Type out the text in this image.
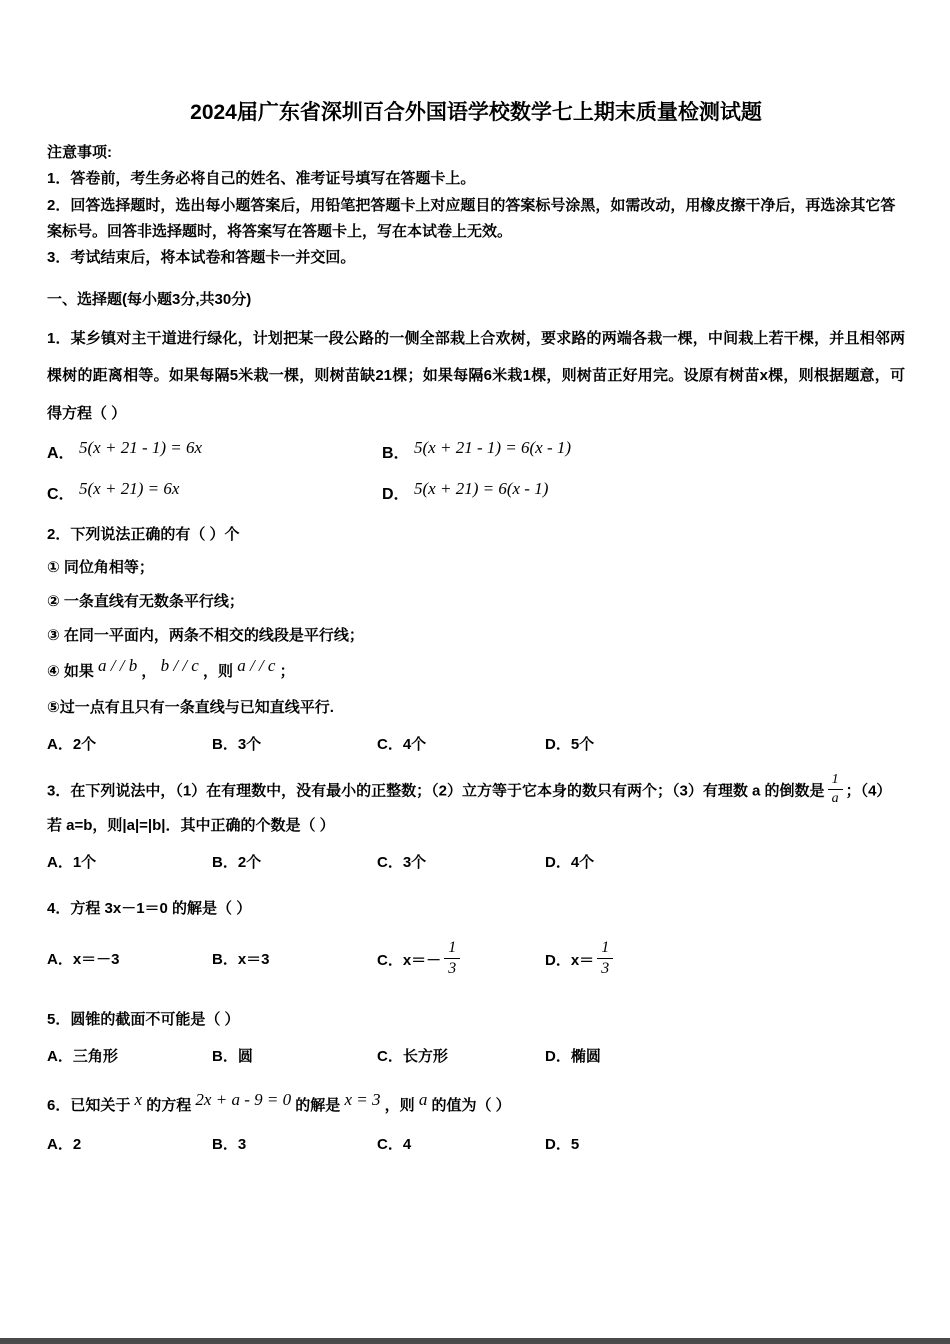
2024届广东省深圳百合外国语学校数学七上期末质量检测试题
注意事项:
1．答卷前，考生务必将自己的姓名、准考证号填写在答题卡上。
2．回答选择题时，选出每小题答案后，用铅笔把答题卡上对应题目的答案标号涂黑，如需改动，用橡皮擦干净后，再选涂其它答案标号。回答非选择题时，将答案写在答题卡上，写在本试卷上无效。
3．考试结束后，将本试卷和答题卡一并交回。
一、选择题(每小题3分,共30分)
1．某乡镇对主干道进行绿化，计划把某一段公路的一侧全部栽上合欢树，要求路的两端各栽一棵，中间栽上若干棵，并且相邻两棵树的距离相等。如果每隔5米栽一棵，则树苗缺21棵；如果每隔6米栽1棵，则树苗正好用完。设原有树苗x棵，则根据题意，可得方程（ ）
A． 5(x + 21 - 1) = 6x	B． 5(x + 21 - 1) = 6(x - 1)
C． 5(x + 21) = 6x	D． 5(x + 21) = 6(x - 1)
2．下列说法正确的有（ ）个
① 同位角相等；
② 一条直线有无数条平行线；
③ 在同一平面内，两条不相交的线段是平行线；
④ 如果 a / / b ， b / / c ，则 a / / c ；
⑤过一点有且只有一条直线与已知直线平行.
A．2个	B．3个	C．4个	D．5个
3．在下列说法中，（1）在有理数中，没有最小的正整数；（2）立方等于它本身的数只有两个；（3）有理数 a 的倒数是 $\frac{1}{a}$ ；（4）若 a=b，则|a|=|b|．其中正确的个数是（ ）
A．1个	B．2个	C．3个	D．4个
4．方程 3x－1＝0 的解是（ ）
A．x＝－3	B．x＝3	C．$x=- \frac{1}{3}$	D．$x= \frac{1}{3}$
5．圆锥的截面不可能是（ ）
A．三角形	B．圆	C．长方形	D．椭圆
6．已知关于 x 的方程 2x + a - 9 = 0 的解是 x = 3 ，则 a 的值为（ ）
A．2	B．3	C．4	D．5
